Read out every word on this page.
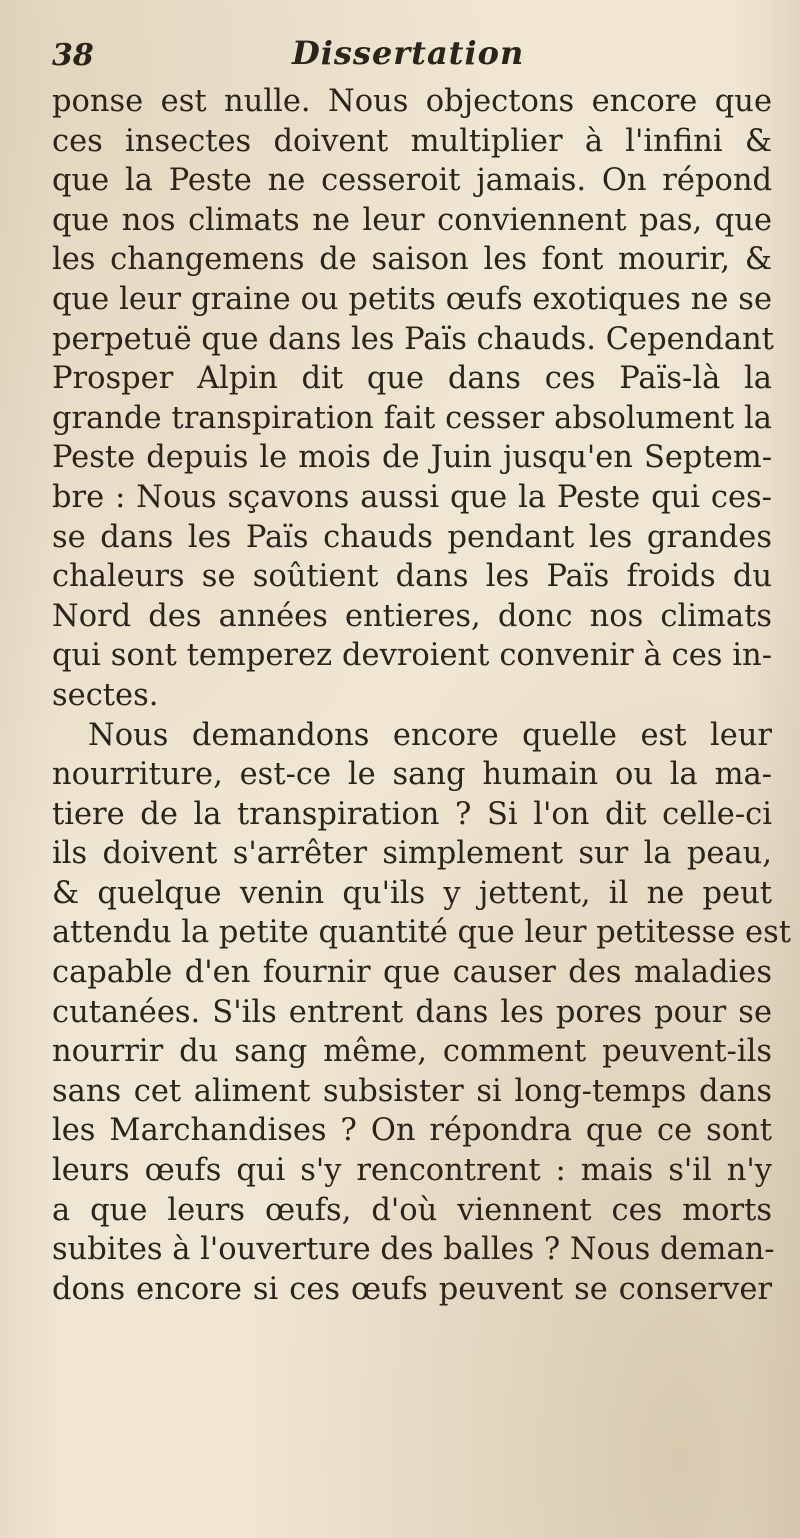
38	Dissertation
ponse est nulle. Nous objectons encore que
ces insectes doivent multiplier à l'infini &
que la Peste ne cesseroit jamais. On répond
que nos climats ne leur conviennent pas, que
les changemens de saison les font mourir, &
que leur graine ou petits œufs exotiques ne se
perpetuë que dans les Païs chauds. Cependant
Prosper Alpin dit que dans ces Païs-là la
grande transpiration fait cesser absolument la
Peste depuis le mois de Juin jusqu'en Septem-
bre : Nous sçavons aussi que la Peste qui ces-
se dans les Païs chauds pendant les grandes
chaleurs se soûtient dans les Païs froids du
Nord des années entieres, donc nos climats
qui sont temperez devroient convenir à ces in-
sectes.
Nous demandons encore quelle est leur
nourriture, est-ce le sang humain ou la ma-
tiere de la transpiration ? Si l'on dit celle-ci
ils doivent s'arrêter simplement sur la peau,
& quelque venin qu'ils y jettent, il ne peut
attendu la petite quantité que leur petitesse est
capable d'en fournir que causer des maladies
cutanées. S'ils entrent dans les pores pour se
nourrir du sang même, comment peuvent-ils
sans cet aliment subsister si long-temps dans
les Marchandises ? On répondra que ce sont
leurs œufs qui s'y rencontrent : mais s'il n'y
a que leurs œufs, d'où viennent ces morts
subites à l'ouverture des balles ? Nous deman-
dons encore si ces œufs peuvent se conserver
